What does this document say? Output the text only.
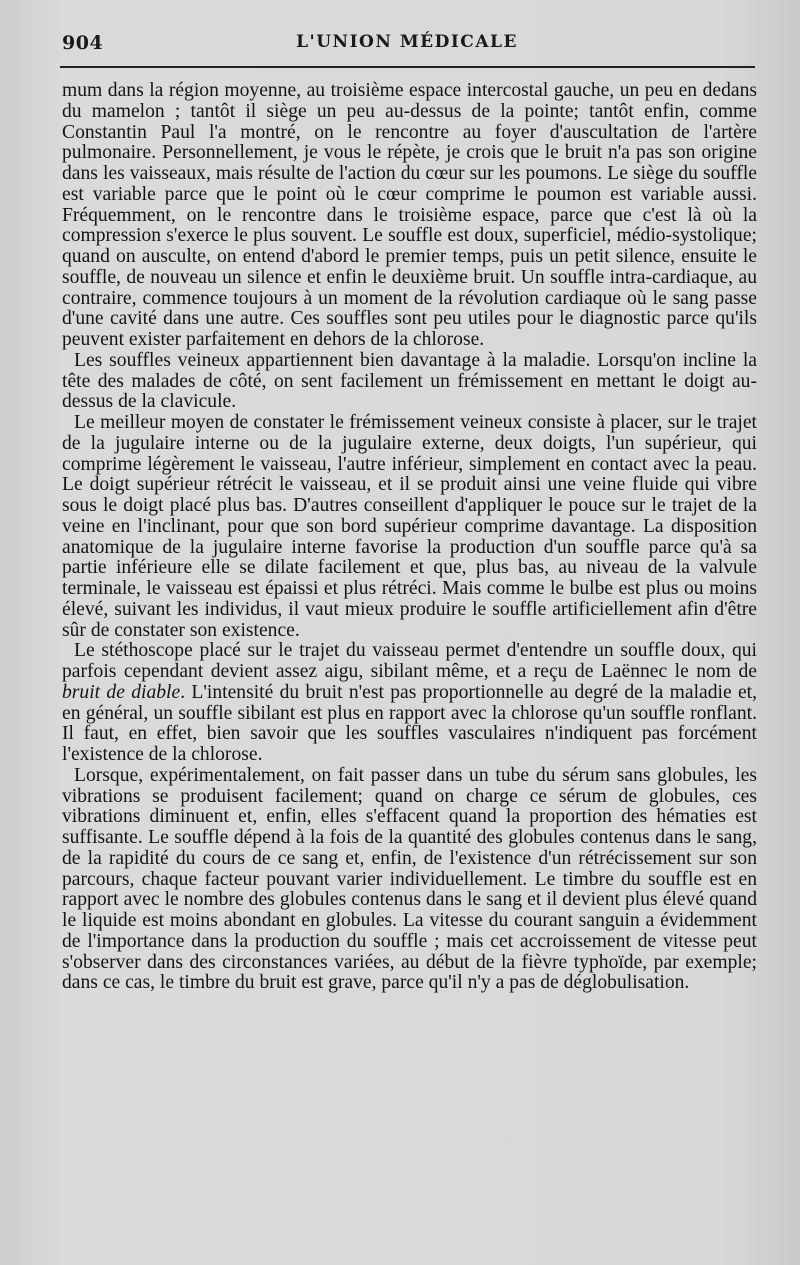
904	L'UNION MÉDICALE

mum dans la région moyenne, au troisième espace intercostal gauche, un peu en dedans du mamelon ; tantôt il siège un peu au-dessus de la pointe; tantôt enfin, comme Constantin Paul l'a montré, on le rencontre au foyer d'auscultation de l'artère pulmonaire. Personnellement, je vous le répète, je crois que le bruit n'a pas son origine dans les vaisseaux, mais résulte de l'action du cœur sur les poumons. Le siège du souffle est variable parce que le point où le cœur comprime le poumon est variable aussi. Fréquemment, on le rencontre dans le troisième espace, parce que c'est là où la compression s'exerce le plus souvent. Le souffle est doux, superficiel, médio-systolique; quand on ausculte, on entend d'abord le premier temps, puis un petit silence, ensuite le souffle, de nouveau un silence et enfin le deuxième bruit. Un souffle intra-cardiaque, au contraire, commence toujours à un moment de la révolution cardiaque où le sang passe d'une cavité dans une autre. Ces souffles sont peu utiles pour le diagnostic parce qu'ils peuvent exister parfaitement en dehors de la chlorose.

Les souffles veineux appartiennent bien davantage à la maladie. Lorsqu'on incline la tête des malades de côté, on sent facilement un frémissement en mettant le doigt au-dessus de la clavicule.

Le meilleur moyen de constater le frémissement veineux consiste à placer, sur le trajet de la jugulaire interne ou de la jugulaire externe, deux doigts, l'un supérieur, qui comprime légèrement le vaisseau, l'autre inférieur, simplement en contact avec la peau. Le doigt supérieur rétrécit le vaisseau, et il se produit ainsi une veine fluide qui vibre sous le doigt placé plus bas. D'autres conseillent d'appliquer le pouce sur le trajet de la veine en l'inclinant, pour que son bord supérieur comprime davantage. La disposition anatomique de la jugulaire interne favorise la production d'un souffle parce qu'à sa partie inférieure elle se dilate facilement et que, plus bas, au niveau de la valvule terminale, le vaisseau est épaissi et plus rétréci. Mais comme le bulbe est plus ou moins élevé, suivant les individus, il vaut mieux produire le souffle artificiellement afin d'être sûr de constater son existence.

Le stéthoscope placé sur le trajet du vaisseau permet d'entendre un souffle doux, qui parfois cependant devient assez aigu, sibilant même, et a reçu de Laënnec le nom de bruit de diable. L'intensité du bruit n'est pas proportionnelle au degré de la maladie et, en général, un souffle sibilant est plus en rapport avec la chlorose qu'un souffle ronflant. Il faut, en effet, bien savoir que les souffles vasculaires n'indiquent pas forcément l'existence de la chlorose.

Lorsque, expérimentalement, on fait passer dans un tube du sérum sans globules, les vibrations se produisent facilement; quand on charge ce sérum de globules, ces vibrations diminuent et, enfin, elles s'effacent quand la proportion des hématies est suffisante. Le souffle dépend à la fois de la quantité des globules contenus dans le sang, de la rapidité du cours de ce sang et, enfin, de l'existence d'un rétrécissement sur son parcours, chaque facteur pouvant varier individuellement. Le timbre du souffle est en rapport avec le nombre des globules contenus dans le sang et il devient plus élevé quand le liquide est moins abondant en globules. La vitesse du courant sanguin a évidemment de l'importance dans la production du souffle ; mais cet accroissement de vitesse peut s'observer dans des circonstances variées, au début de la fièvre typhoïde, par exemple; dans ce cas, le timbre du bruit est grave, parce qu'il n'y a pas de déglobulisation.
